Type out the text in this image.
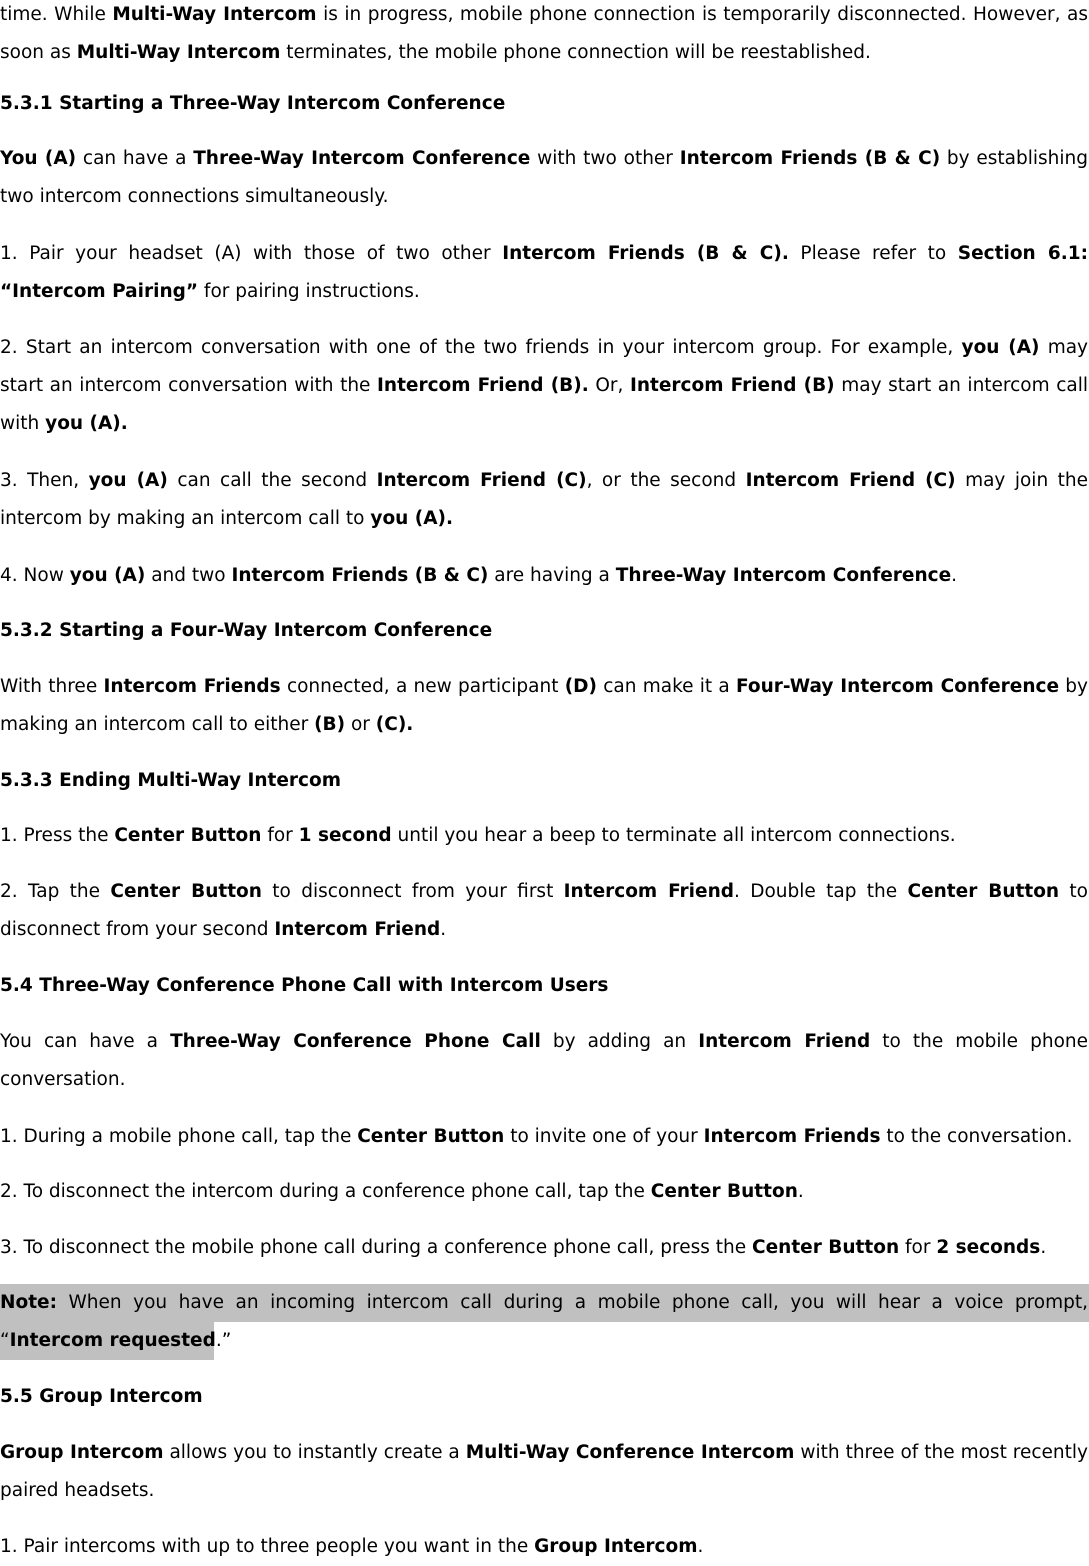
time. While Multi-Way Intercom is in progress, mobile phone connection is temporarily disconnected. However, as soon as Multi-Way Intercom terminates, the mobile phone connection will be reestablished.

5.3.1 Starting a Three-Way Intercom Conference

You (A) can have a Three-Way Intercom Conference with two other Intercom Friends (B & C) by establishing two intercom connections simultaneously.

1. Pair your headset (A) with those of two other Intercom Friends (B & C). Please refer to Section 6.1: “Intercom Pairing” for pairing instructions.

2. Start an intercom conversation with one of the two friends in your intercom group. For example, you (A) may start an intercom conversation with the Intercom Friend (B). Or, Intercom Friend (B) may start an intercom call with you (A).

3. Then, you (A) can call the second Intercom Friend (C), or the second Intercom Friend (C) may join the intercom by making an intercom call to you (A).

4. Now you (A) and two Intercom Friends (B & C) are having a Three-Way Intercom Conference.

5.3.2 Starting a Four-Way Intercom Conference

With three Intercom Friends connected, a new participant (D) can make it a Four-Way Intercom Conference by making an intercom call to either (B) or (C).

5.3.3 Ending Multi-Way Intercom

1. Press the Center Button for 1 second until you hear a beep to terminate all intercom connections.

2. Tap the Center Button to disconnect from your first Intercom Friend. Double tap the Center Button to disconnect from your second Intercom Friend.

5.4 Three-Way Conference Phone Call with Intercom Users

You can have a Three-Way Conference Phone Call by adding an Intercom Friend to the mobile phone conversation.

1. During a mobile phone call, tap the Center Button to invite one of your Intercom Friends to the conversation.

2. To disconnect the intercom during a conference phone call, tap the Center Button.

3. To disconnect the mobile phone call during a conference phone call, press the Center Button for 2 seconds.

Note: When you have an incoming intercom call during a mobile phone call, you will hear a voice prompt, “Intercom requested.”

5.5 Group Intercom

Group Intercom allows you to instantly create a Multi-Way Conference Intercom with three of the most recently paired headsets.

1. Pair intercoms with up to three people you want in the Group Intercom.
